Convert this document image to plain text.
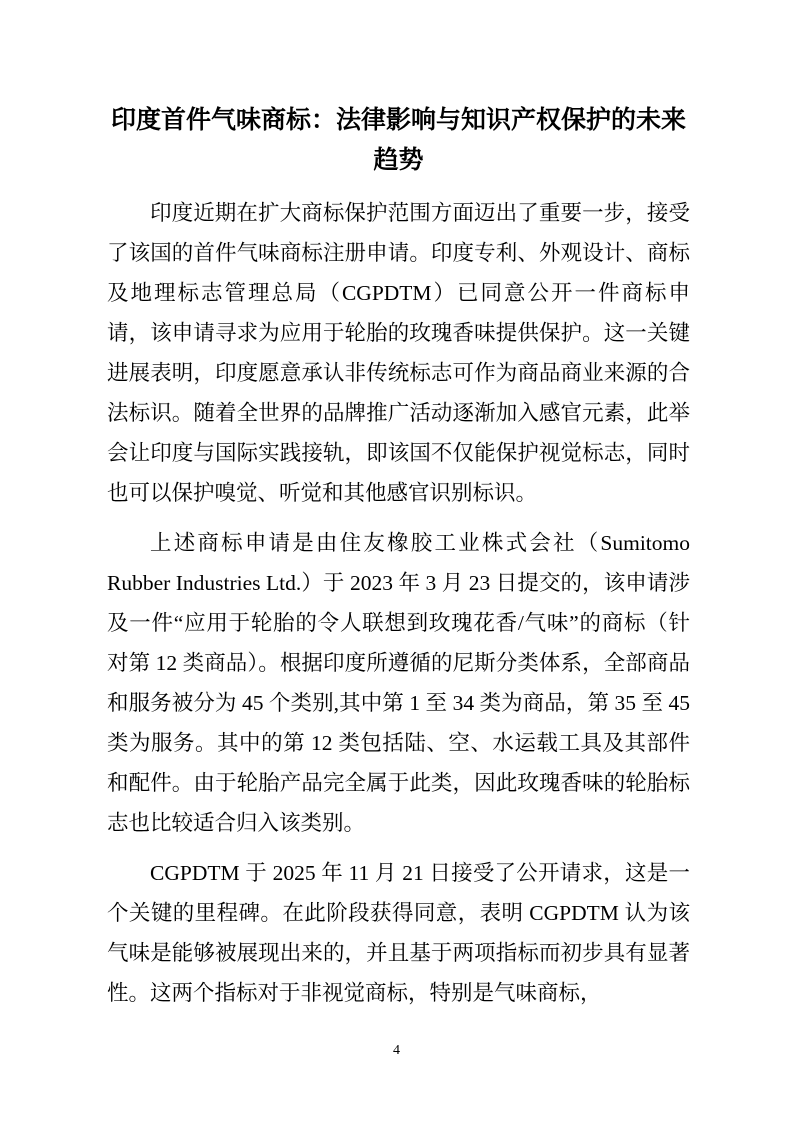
印度首件气味商标：法律影响与知识产权保护的未来
趋势

印度近期在扩大商标保护范围方面迈出了重要一步，接受了该国的首件气味商标注册申请。印度专利、外观设计、商标及地理标志管理总局（CGPDTM）已同意公开一件商标申请，该申请寻求为应用于轮胎的玫瑰香味提供保护。这一关键进展表明，印度愿意承认非传统标志可作为商品商业来源的合法标识。随着全世界的品牌推广活动逐渐加入感官元素，此举会让印度与国际实践接轨，即该国不仅能保护视觉标志，同时也可以保护嗅觉、听觉和其他感官识别标识。

上述商标申请是由住友橡胶工业株式会社（Sumitomo Rubber Industries Ltd.）于 2023 年 3 月 23 日提交的，该申请涉及一件“应用于轮胎的令人联想到玫瑰花香/气味”的商标（针对第 12 类商品）。根据印度所遵循的尼斯分类体系，全部商品和服务被分为 45 个类别,其中第 1 至 34 类为商品，第 35 至 45 类为服务。其中的第 12 类包括陆、空、水运载工具及其部件和配件。由于轮胎产品完全属于此类，因此玫瑰香味的轮胎标志也比较适合归入该类别。

CGPDTM 于 2025 年 11 月 21 日接受了公开请求，这是一个关键的里程碑。在此阶段获得同意，表明 CGPDTM 认为该气味是能够被展现出来的，并且基于两项指标而初步具有显著性。这两个指标对于非视觉商标，特别是气味商标，

4
